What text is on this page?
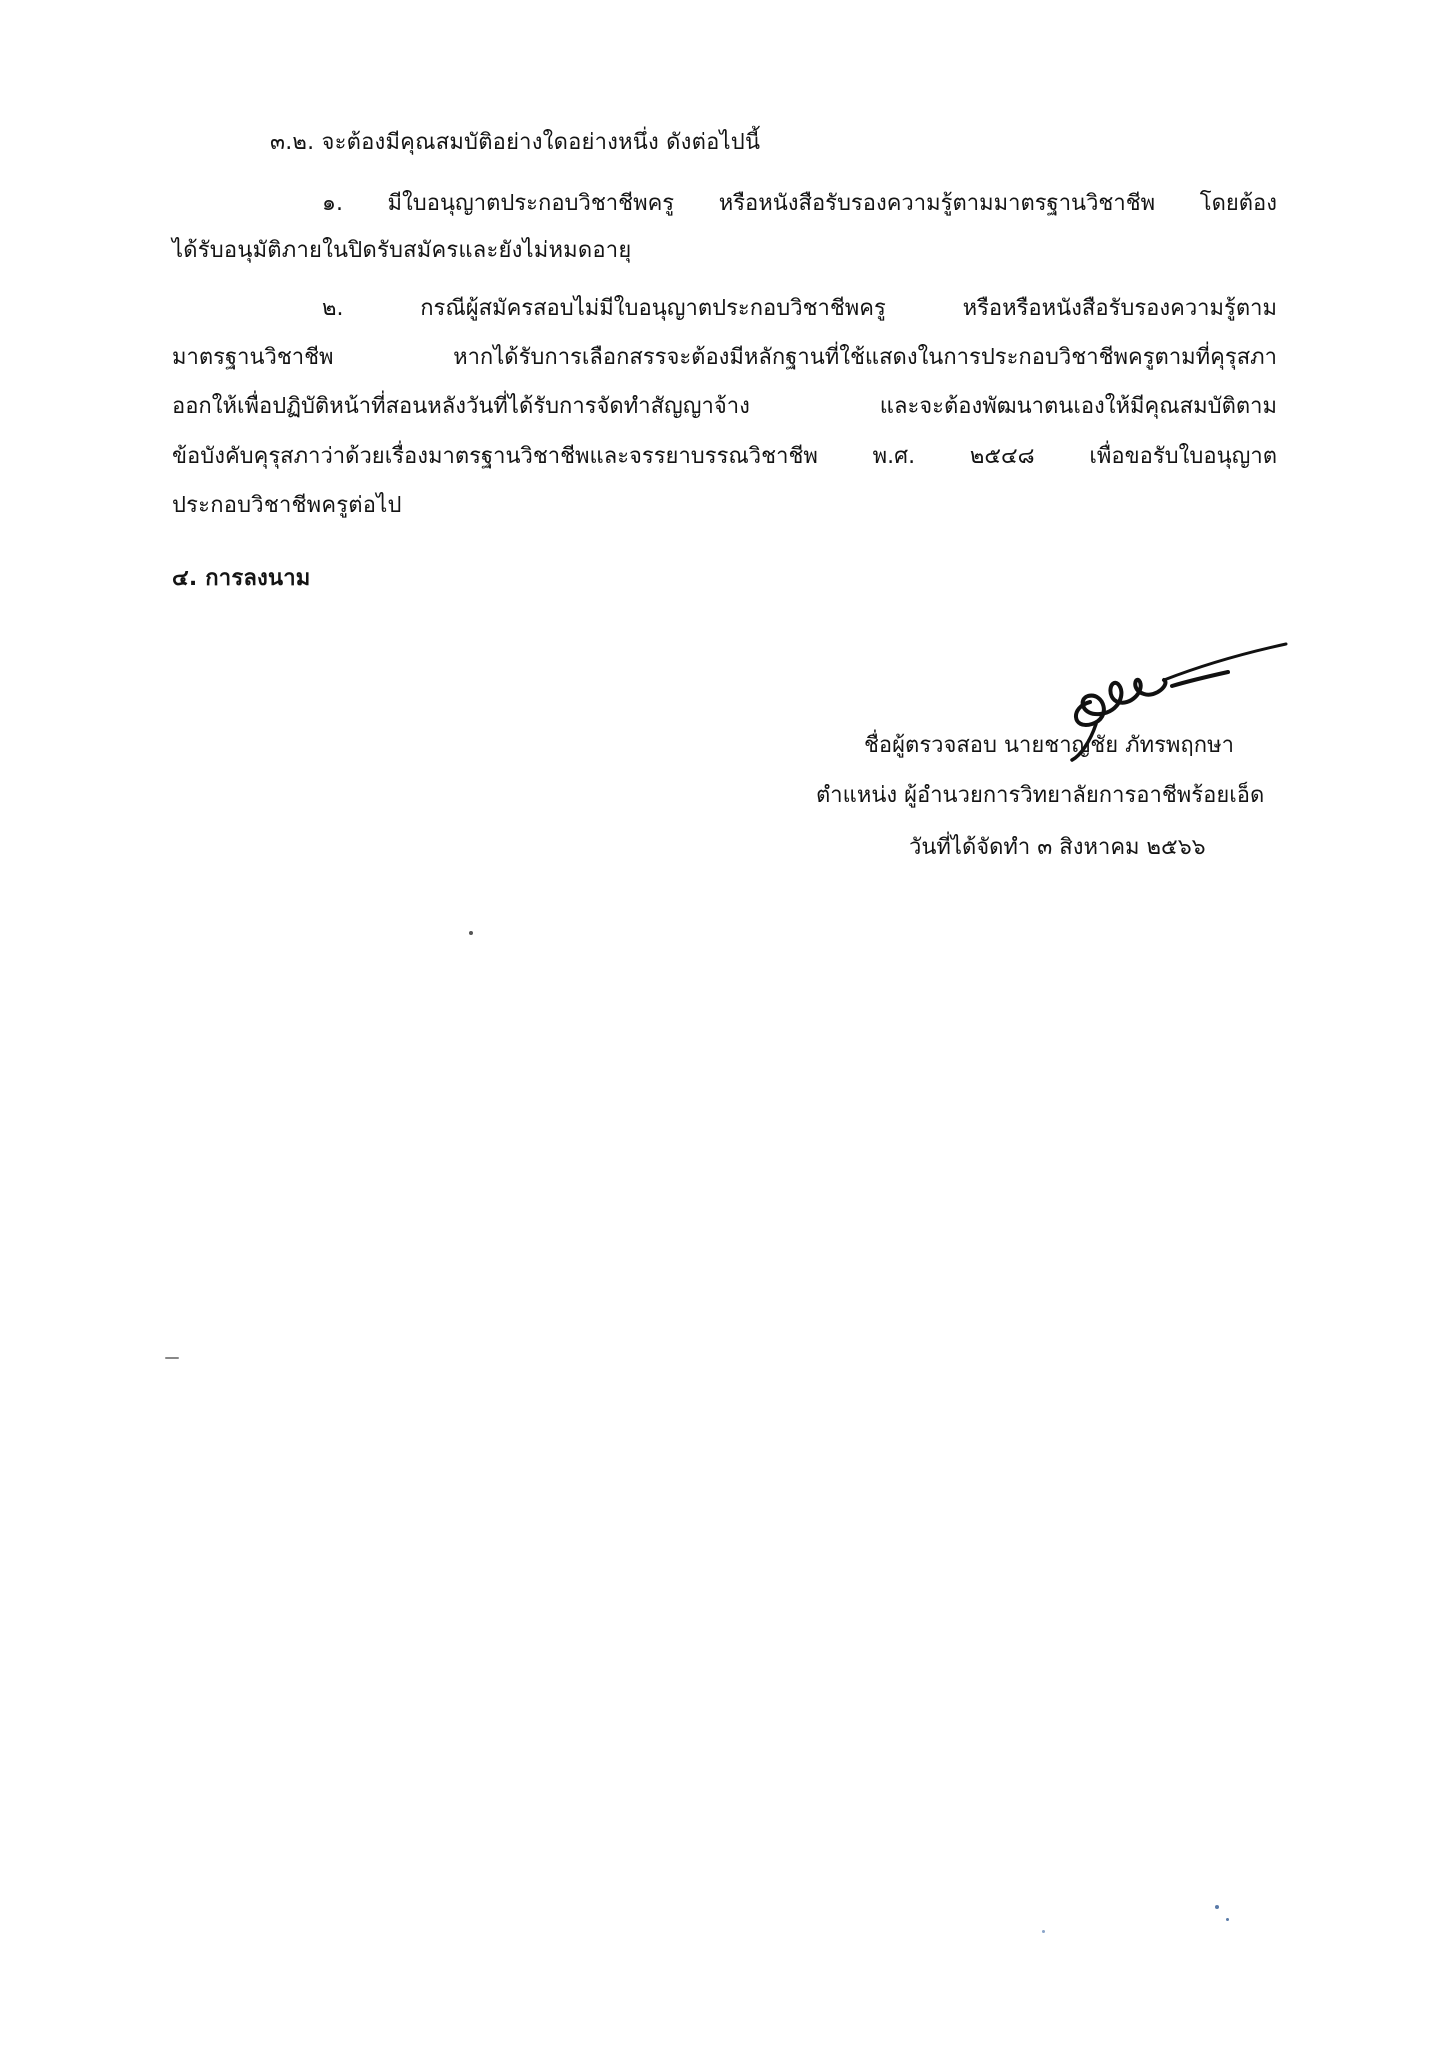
๓.๒. จะต้องมีคุณสมบัติอย่างใดอย่างหนึ่ง ดังต่อไปนี้
๑. มีใบอนุญาตประกอบวิชาชีพครู หรือหนังสือรับรองความรู้ตามมาตรฐานวิชาชีพ โดยต้อง
ได้รับอนุมัติภายในปิดรับสมัครและยังไม่หมดอายุ
๒. กรณีผู้สมัครสอบไม่มีใบอนุญาตประกอบวิชาชีพครู หรือหรือหนังสือรับรองความรู้ตาม
มาตรฐานวิชาชีพ หากได้รับการเลือกสรรจะต้องมีหลักฐานที่ใช้แสดงในการประกอบวิชาชีพครูตามที่คุรุสภา
ออกให้เพื่อปฏิบัติหน้าที่สอนหลังวันที่ได้รับการจัดทำสัญญาจ้าง และจะต้องพัฒนาตนเองให้มีคุณสมบัติตาม
ข้อบังคับคุรุสภาว่าด้วยเรื่องมาตรฐานวิชาชีพและจรรยาบรรณวิชาชีพ พ.ศ. ๒๕๔๘ เพื่อขอรับใบอนุญาต
ประกอบวิชาชีพครูต่อไป
๔. การลงนาม
ชื่อผู้ตรวจสอบ นายชาญชัย ภัทรพฤกษา
ตำแหน่ง ผู้อำนวยการวิทยาลัยการอาชีพร้อยเอ็ด
วันที่ได้จัดทำ ๓ สิงหาคม ๒๕๖๖
